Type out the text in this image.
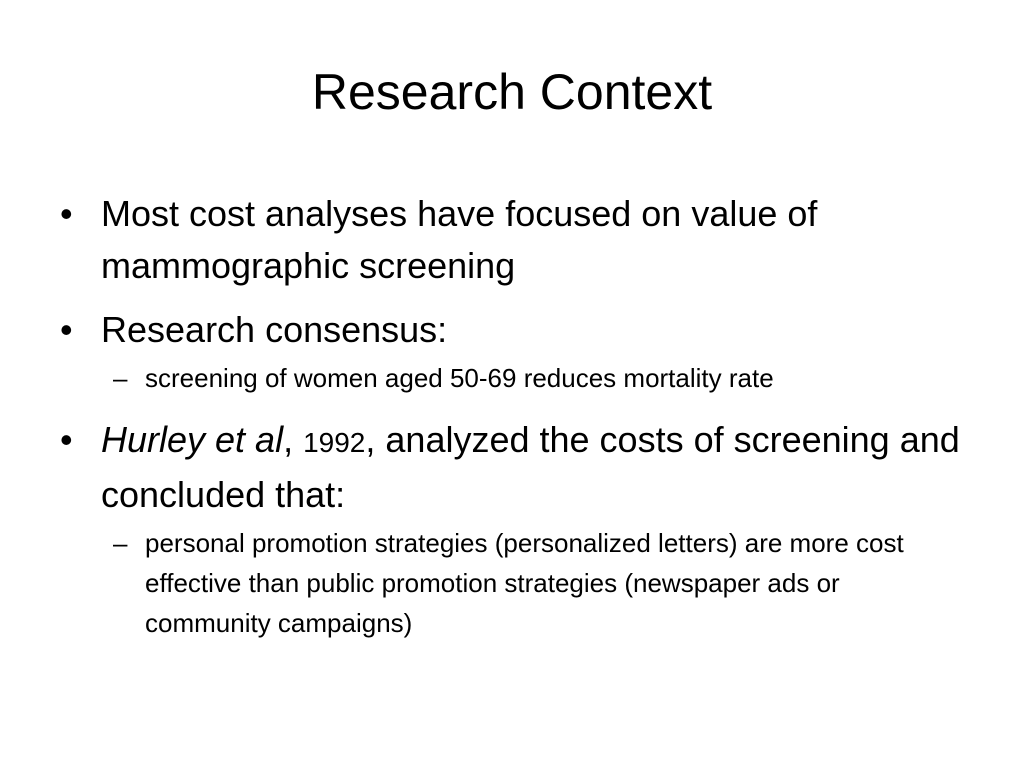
Research Context
• Most cost analyses have focused on value of mammographic screening
• Research consensus:
– screening of women aged 50-69 reduces mortality rate
• Hurley et al, 1992, analyzed the costs of screening and concluded that:
– personal promotion strategies (personalized letters) are more cost effective than public promotion strategies (newspaper ads or community campaigns)
